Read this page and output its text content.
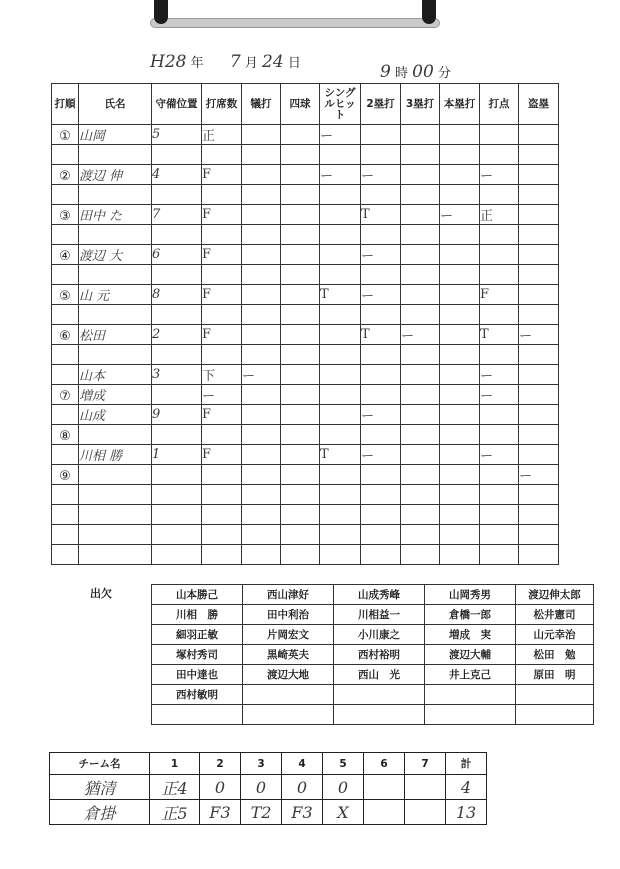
H28 年 7 月 24 日	9 時 00 分
打順	氏名	守備位置	打席数	犠打	四球	シングルヒット	2塁打	3塁打	本塁打	打点	盗塁
①	山岡	5	正			ー					

②	渡辺 伸	4	F			ー	ー			ー	

③	田中 た	7	F				T		ー	正	

④	渡辺 大	6	F				ー				

⑤	山 元	8	F			T	ー			F	

⑥	松田	2	F				T	ー		T	ー

	山本	3	下	ー						ー	
⑦	増成		ー							ー	
	山成	9	F				ー				
⑧											
	川相 勝	1	F			T	ー			ー	
⑨											ー

出欠	山本勝己	西山津好	山成秀峰	山岡秀男	渡辺伸太郎
川相　勝	田中利治	川相益一	倉橋一郎	松井憲司
細羽正敏	片岡宏文	小川康之	増成　実	山元幸治
塚村秀司	黒崎英夫	西村裕明	渡辺大輔	松田　勉
田中達也	渡辺大地	西山　光	井上克己	原田　明
西村敏明				

チーム名	1	2	3	4	5	6	7	計
猶清	正4	0	0	0	0			4
倉掛	正5	F3	T2	F3	X			13
